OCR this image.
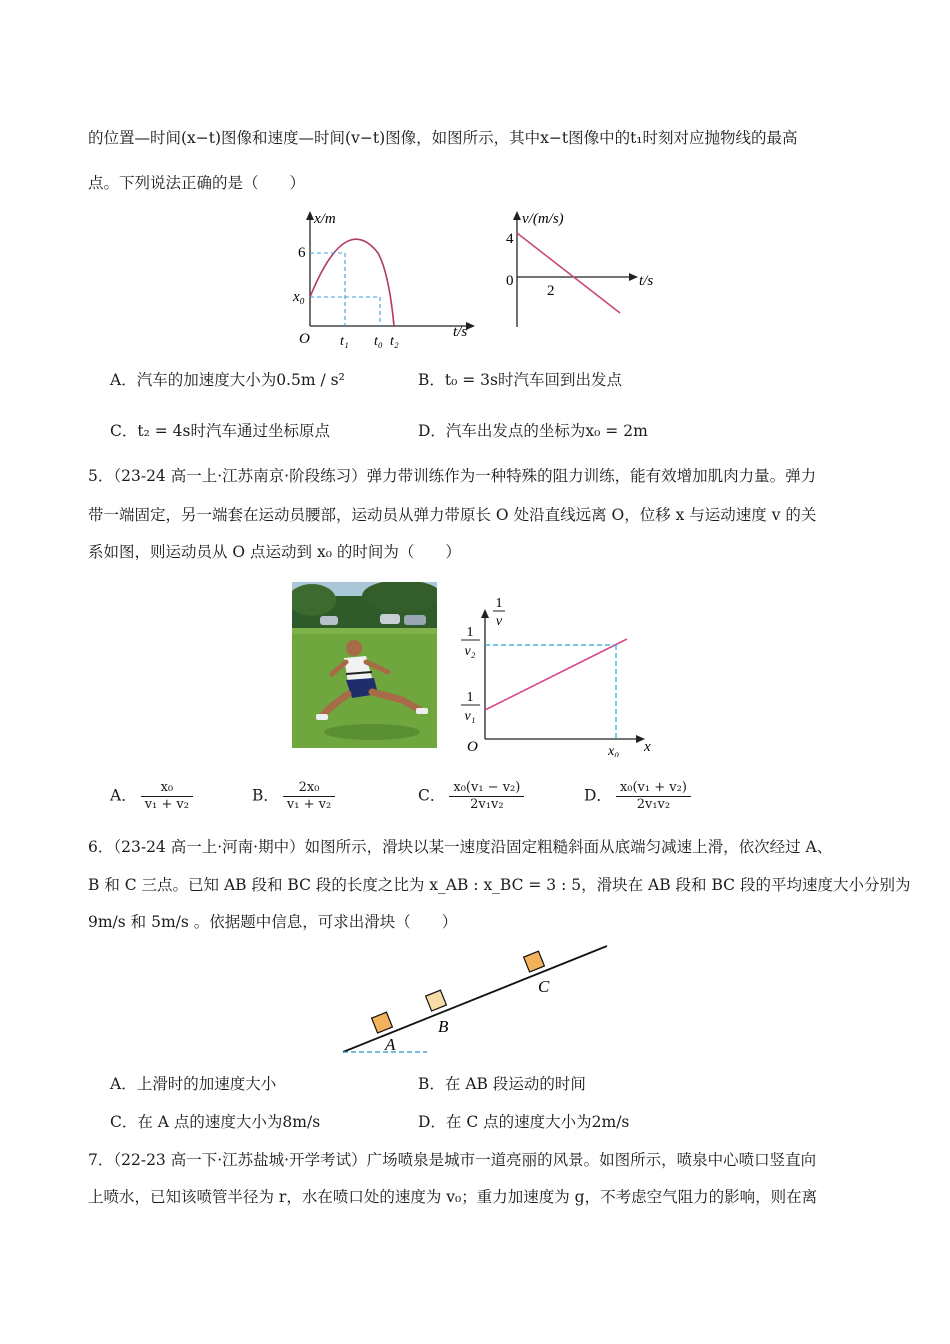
的位置—时间(x−t)图像和速度—时间(v−t)图像，如图所示，其中x−t图像中的t₁时刻对应抛物线的最高
点。下列说法正确的是（　　）
x/m
6
x₀
O t₁ t₀ t₂
t/s
v/(m/s)
4
0
2
t/s
A．汽车的加速度大小为0.5m / s²	B．t₀ = 3s时汽车回到出发点
C．t₂ = 4s时汽车通过坐标原点	D．汽车出发点的坐标为x₀ = 2m
5．（23-24 高一上·江苏南京·阶段练习）弹力带训练作为一种特殊的阻力训练，能有效增加肌肉力量。弹力
带一端固定，另一端套在运动员腰部，运动员从弹力带原长 O 处沿直线远离 O，位移 x 与运动速度 v 的关
系如图，则运动员从 O 点运动到 x₀ 的时间为（　　）
1
v
1
v₂
1
v₁
O	x₀ x
A． $\frac{\text{x₀}}{\text{v₁ + v₂}}$	B． $\frac{\text{2x₀}}{\text{v₁ + v₂}}$	C． $\frac{\text{x₀(v₁ − v₂)}}{\text{2v₁v₂}}$	D． $\frac{\text{x₀(v₁ + v₂)}}{\text{2v₁v₂}}$
6．（23-24 高一上·河南·期中）如图所示，滑块以某一速度沿固定粗糙斜面从底端匀减速上滑，依次经过 A、
B 和 C 三点。已知 AB 段和 BC 段的长度之比为 x_AB : x_BC = 3 : 5，滑块在 AB 段和 BC 段的平均速度大小分别为
9m/s 和 5m/s 。依据题中信息，可求出滑块（　　）
A
B
C
A．上滑时的加速度大小	B．在 AB 段运动的时间
C．在 A 点的速度大小为8m/s	D．在 C 点的速度大小为2m/s
7．（22-23 高一下·江苏盐城·开学考试）广场喷泉是城市一道亮丽的风景。如图所示，喷泉中心喷口竖直向
上喷水，已知该喷管半径为 r，水在喷口处的速度为 v₀；重力加速度为 g，不考虑空气阻力的影响，则在离
